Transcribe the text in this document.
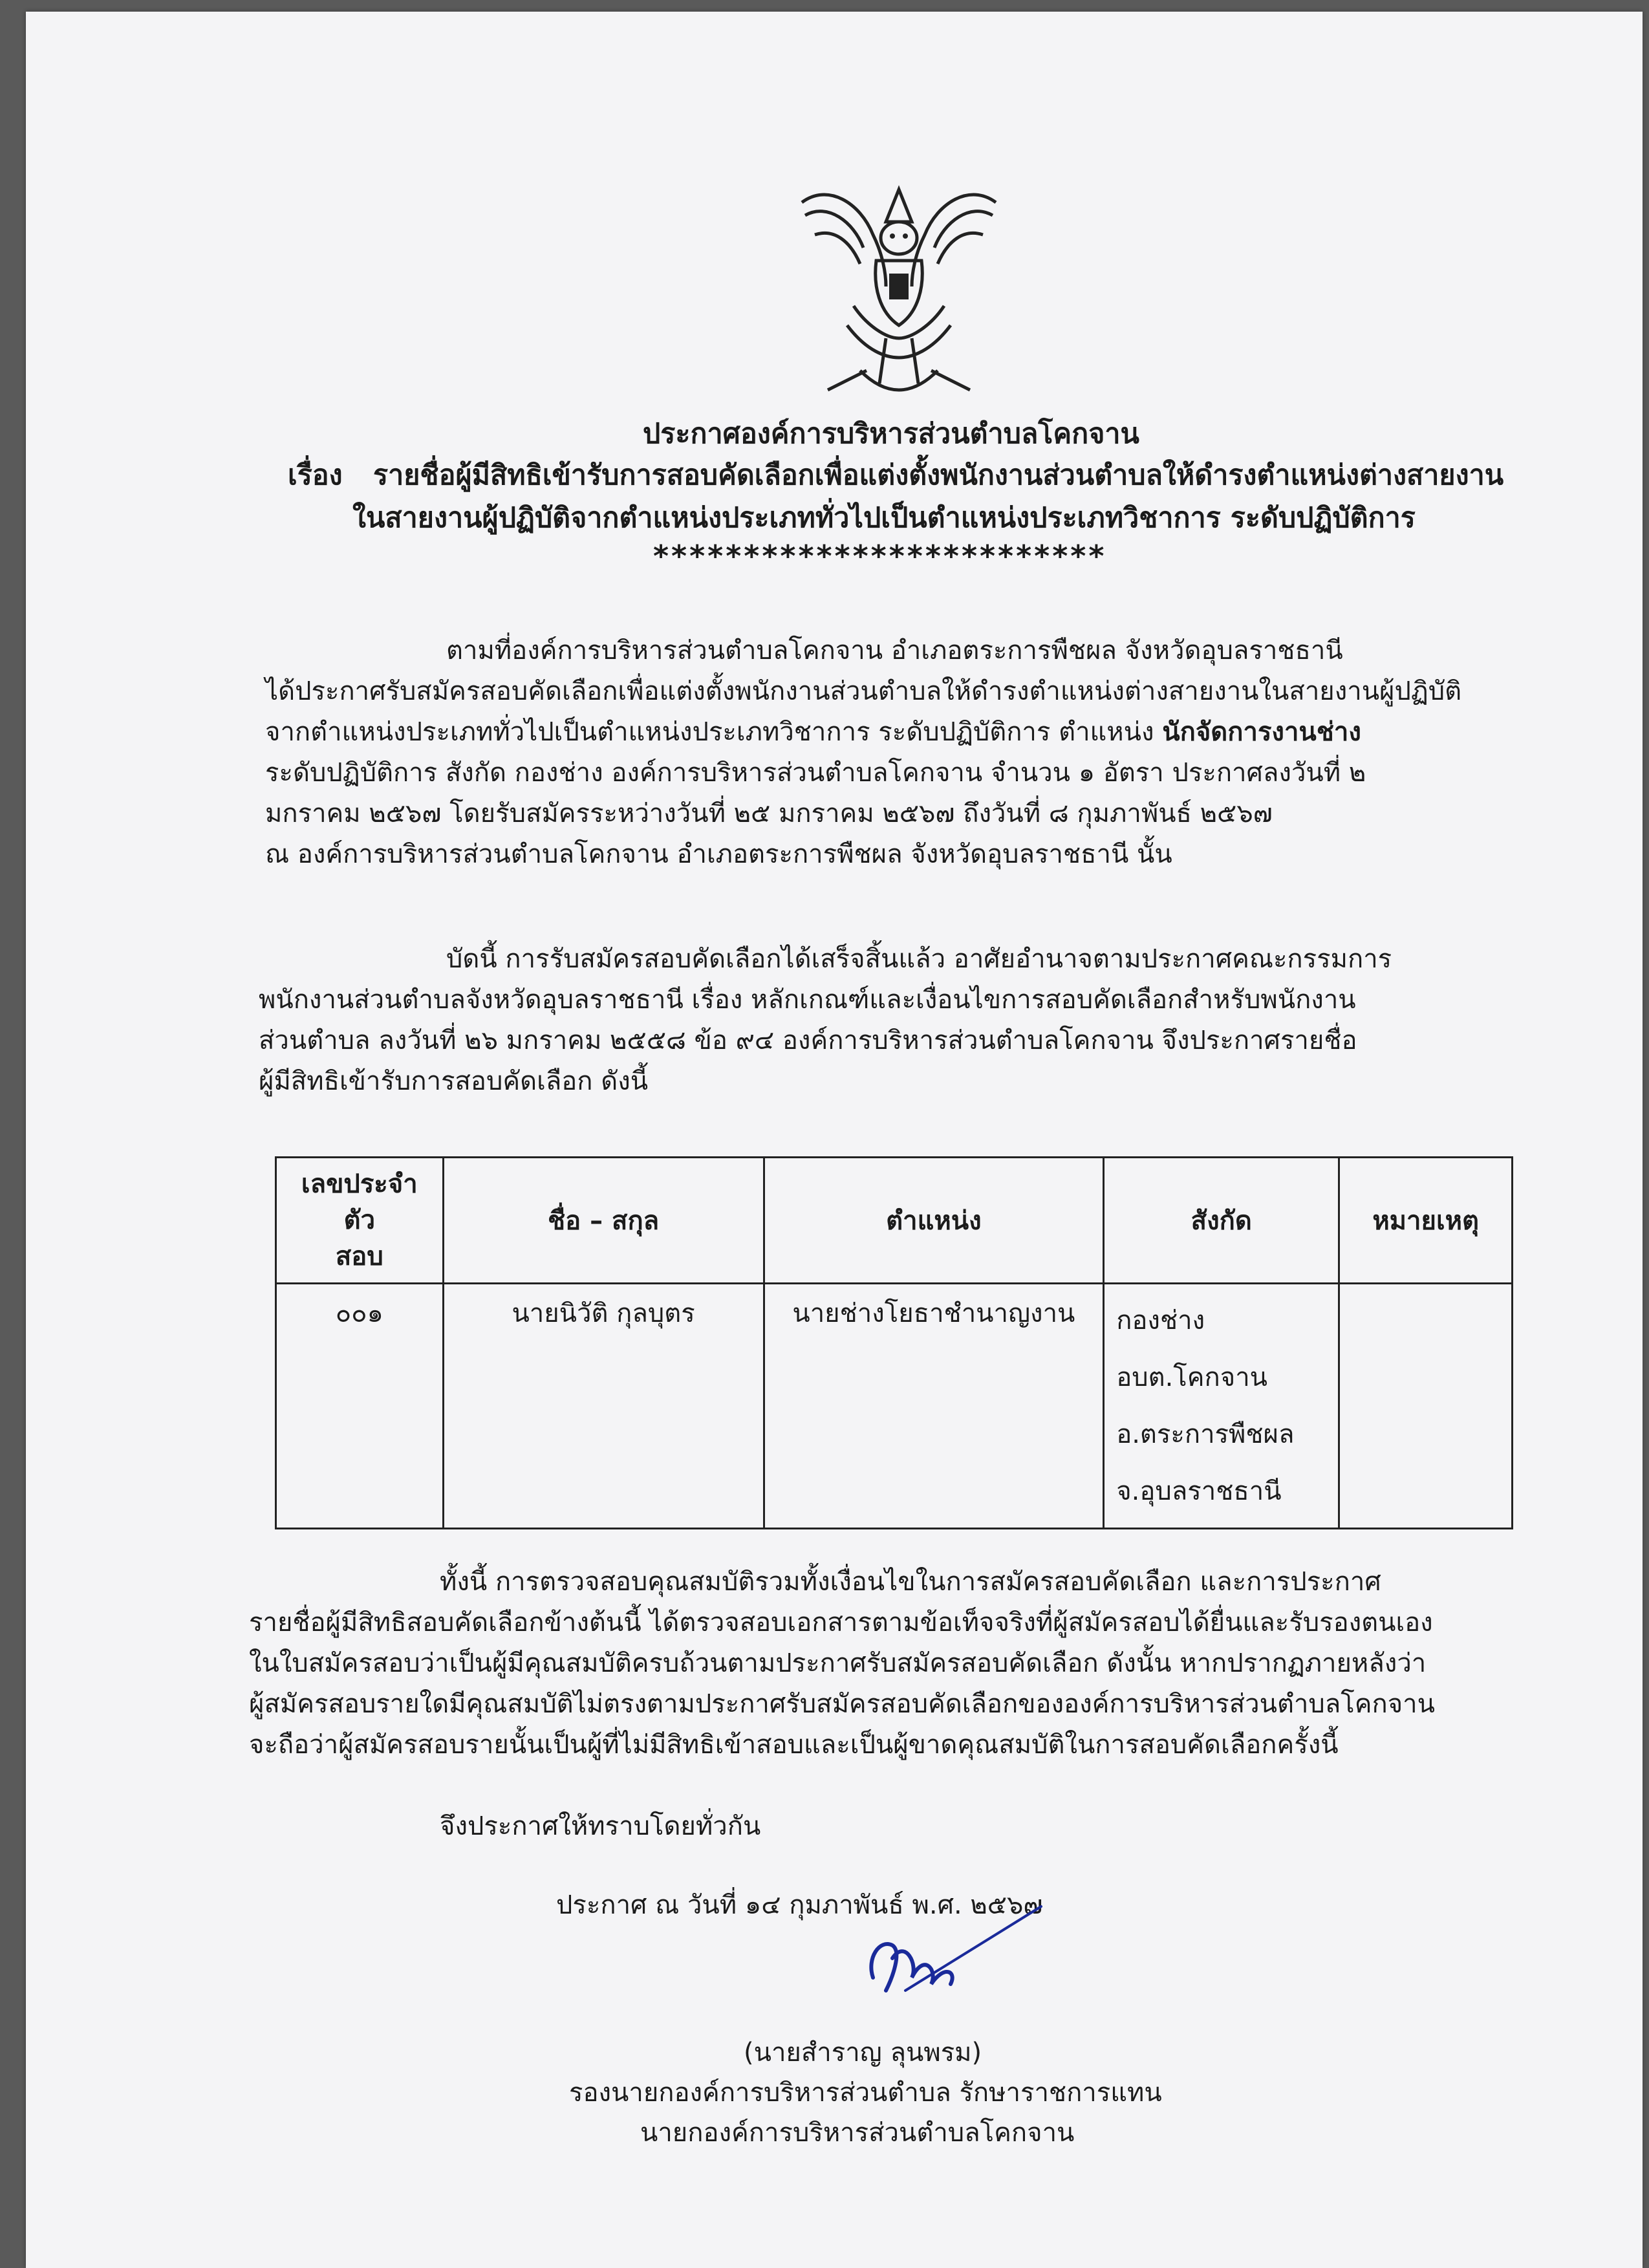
ประกาศองค์การบริหารส่วนตำบลโคกจาน
เรื่อง รายชื่อผู้มีสิทธิเข้ารับการสอบคัดเลือกเพื่อแต่งตั้งพนักงานส่วนตำบลให้ดำรงตำแหน่งต่างสายงาน
ในสายงานผู้ปฏิบัติจากตำแหน่งประเภททั่วไปเป็นตำแหน่งประเภทวิชาการ ระดับปฏิบัติการ
*************************
ตามที่องค์การบริหารส่วนตำบลโคกจาน อำเภอตระการพืชผล จังหวัดอุบลราชธานี
ได้ประกาศรับสมัครสอบคัดเลือกเพื่อแต่งตั้งพนักงานส่วนตำบลให้ดำรงตำแหน่งต่างสายงานในสายงานผู้ปฏิบัติ
จากตำแหน่งประเภททั่วไปเป็นตำแหน่งประเภทวิชาการ ระดับปฏิบัติการ ตำแหน่ง นักจัดการงานช่าง
ระดับปฏิบัติการ สังกัด กองช่าง องค์การบริหารส่วนตำบลโคกจาน จำนวน ๑ อัตรา ประกาศลงวันที่ ๒
มกราคม ๒๕๖๗ โดยรับสมัครระหว่างวันที่ ๒๕ มกราคม ๒๕๖๗ ถึงวันที่ ๘ กุมภาพันธ์ ๒๕๖๗
ณ องค์การบริหารส่วนตำบลโคกจาน อำเภอตระการพืชผล จังหวัดอุบลราชธานี นั้น
บัดนี้ การรับสมัครสอบคัดเลือกได้เสร็จสิ้นแล้ว อาศัยอำนาจตามประกาศคณะกรรมการ
พนักงานส่วนตำบลจังหวัดอุบลราชธานี เรื่อง หลักเกณฑ์และเงื่อนไขการสอบคัดเลือกสำหรับพนักงาน
ส่วนตำบล ลงวันที่ ๒๖ มกราคม ๒๕๕๘ ข้อ ๙๔ องค์การบริหารส่วนตำบลโคกจาน จึงประกาศรายชื่อ
ผู้มีสิทธิเข้ารับการสอบคัดเลือก ดังนี้
เลขประจำตัว
สอบ	ชื่อ – สกุล	ตำแหน่ง	สังกัด	หมายเหตุ
๐๐๑	นายนิวัติ กุลบุตร	นายช่างโยธาชำนาญงาน	กองช่าง
อบต.โคกจาน
อ.ตระการพืชผล
จ.อุบลราชธานี	

ทั้งนี้ การตรวจสอบคุณสมบัติรวมทั้งเงื่อนไขในการสมัครสอบคัดเลือก และการประกาศ
รายชื่อผู้มีสิทธิสอบคัดเลือกข้างต้นนี้ ได้ตรวจสอบเอกสารตามข้อเท็จจริงที่ผู้สมัครสอบได้ยื่นและรับรองตนเอง
ในใบสมัครสอบว่าเป็นผู้มีคุณสมบัติครบถ้วนตามประกาศรับสมัครสอบคัดเลือก ดังนั้น หากปรากฏภายหลังว่า
ผู้สมัครสอบรายใดมีคุณสมบัติไม่ตรงตามประกาศรับสมัครสอบคัดเลือกขององค์การบริหารส่วนตำบลโคกจาน
จะถือว่าผู้สมัครสอบรายนั้นเป็นผู้ที่ไม่มีสิทธิเข้าสอบและเป็นผู้ขาดคุณสมบัติในการสอบคัดเลือกครั้งนี้
จึงประกาศให้ทราบโดยทั่วกัน
ประกาศ ณ วันที่ ๑๔ กุมภาพันธ์ พ.ศ. ๒๕๖๗
(นายสำราญ ลุนพรม)
รองนายกองค์การบริหารส่วนตำบล รักษาราชการแทน
นายกองค์การบริหารส่วนตำบลโคกจาน
